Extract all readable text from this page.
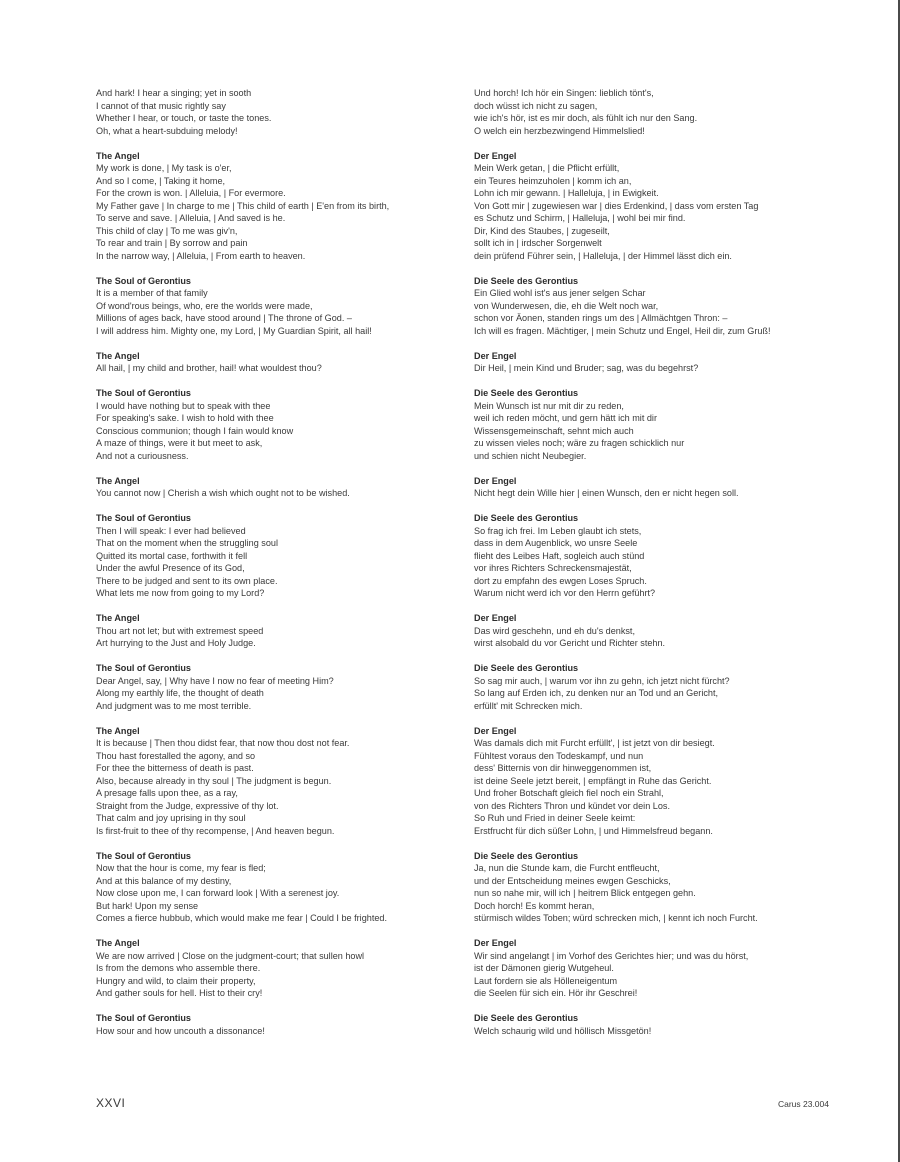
And hark! I hear a singing; yet in sooth
I cannot of that music rightly say
Whether I hear, or touch, or taste the tones.
Oh, what a heart-subduing melody!
The Angel
My work is done, | My task is o'er,
And so I come, | Taking it home,
For the crown is won. | Alleluia, | For evermore.
My Father gave | In charge to me | This child of earth | E'en from its birth,
To serve and save. | Alleluia, | And saved is he.
This child of clay | To me was giv'n,
To rear and train | By sorrow and pain
In the narrow way, | Alleluia, | From earth to heaven.
The Soul of Gerontius
It is a member of that family
Of wond'rous beings, who, ere the worlds were made,
Millions of ages back, have stood around | The throne of God. –
I will address him. Mighty one, my Lord, | My Guardian Spirit, all hail!
The Angel
All hail, | my child and brother, hail! what wouldest thou?
The Soul of Gerontius
I would have nothing but to speak with thee
For speaking's sake. I wish to hold with thee
Conscious communion; though I fain would know
A maze of things, were it but meet to ask,
And not a curiousness.
The Angel
You cannot now | Cherish a wish which ought not to be wished.
The Soul of Gerontius
Then I will speak: I ever had believed
That on the moment when the struggling soul
Quitted its mortal case, forthwith it fell
Under the awful Presence of its God,
There to be judged and sent to its own place.
What lets me now from going to my Lord?
The Angel
Thou art not let; but with extremest speed
Art hurrying to the Just and Holy Judge.
The Soul of Gerontius
Dear Angel, say, | Why have I now no fear of meeting Him?
Along my earthly life, the thought of death
And judgment was to me most terrible.
The Angel
It is because | Then thou didst fear, that now thou dost not fear.
Thou hast forestalled the agony, and so
For thee the bitterness of death is past.
Also, because already in thy soul | The judgment is begun.
A presage falls upon thee, as a ray,
Straight from the Judge, expressive of thy lot.
That calm and joy uprising in thy soul
Is first-fruit to thee of thy recompense, | And heaven begun.
The Soul of Gerontius
Now that the hour is come, my fear is fled;
And at this balance of my destiny,
Now close upon me, I can forward look | With a serenest joy.
But hark! Upon my sense
Comes a fierce hubbub, which would make me fear | Could I be frighted.
The Angel
We are now arrived | Close on the judgment-court; that sullen howl
Is from the demons who assemble there.
Hungry and wild, to claim their property,
And gather souls for hell. Hist to their cry!
The Soul of Gerontius
How sour and how uncouth a dissonance!
Und horch! Ich hör ein Singen: lieblich tönt's,
doch wüsst ich nicht zu sagen,
wie ich's hör, ist es mir doch, als fühlt ich nur den Sang.
O welch ein herzbezwingend Himmelslied!
Der Engel
Mein Werk getan, | die Pflicht erfüllt,
ein Teures heimzuholen | komm ich an,
Lohn ich mir gewann. | Halleluja, | in Ewigkeit.
Von Gott mir | zugewiesen war | dies Erdenkind, | dass vom ersten Tag
es Schutz und Schirm, | Halleluja, | wohl bei mir find.
Dir, Kind des Staubes, | zugeseilt,
sollt ich in | irdscher Sorgenwelt
dein prüfend Führer sein, | Halleluja, | der Himmel lässt dich ein.
Die Seele des Gerontius
Ein Glied wohl ist's aus jener selgen Schar
von Wunderwesen, die, eh die Welt noch war,
schon vor Äonen, standen rings um des | Allmächtgen Thron: –
Ich will es fragen. Mächtiger, | mein Schutz und Engel, Heil dir, zum Gruß!
Der Engel
Dir Heil, | mein Kind und Bruder; sag, was du begehrst?
Die Seele des Gerontius
Mein Wunsch ist nur mit dir zu reden,
weil ich reden möcht, und gern hätt ich mit dir
Wissensgemeinschaft, sehnt mich auch
zu wissen vieles noch; wäre zu fragen schicklich nur
und schien nicht Neubegier.
Der Engel
Nicht hegt dein Wille hier | einen Wunsch, den er nicht hegen soll.
Die Seele des Gerontius
So frag ich frei. Im Leben glaubt ich stets,
dass in dem Augenblick, wo unsre Seele
flieht des Leibes Haft, sogleich auch stünd
vor ihres Richters Schreckensmajestät,
dort zu empfahn des ewgen Loses Spruch.
Warum nicht werd ich vor den Herrn geführt?
Der Engel
Das wird geschehn, und eh du's denkst,
wirst alsobald du vor Gericht und Richter stehn.
Die Seele des Gerontius
So sag mir auch, | warum vor ihn zu gehn, ich jetzt nicht fürcht?
So lang auf Erden ich, zu denken nur an Tod und an Gericht,
erfüllt' mit Schrecken mich.
Der Engel
Was damals dich mit Furcht erfüllt', | ist jetzt von dir besiegt.
Fühltest voraus den Todeskampf, und nun
dess' Bitternis von dir hinweggenommen ist,
ist deine Seele jetzt bereit, | empfängt in Ruhe das Gericht.
Und froher Botschaft gleich fiel noch ein Strahl,
von des Richters Thron und kündet vor dein Los.
So Ruh und Fried in deiner Seele keimt:
Erstfrucht für dich süßer Lohn, | und Himmelsfreud begann.
Die Seele des Gerontius
Ja, nun die Stunde kam, die Furcht entfleucht,
und der Entscheidung meines ewgen Geschicks,
nun so nahe mir, will ich | heitrem Blick entgegen gehn.
Doch horch! Es kommt heran,
stürmisch wildes Toben; würd schrecken mich, | kennt ich noch Furcht.
Der Engel
Wir sind angelangt | im Vorhof des Gerichtes hier; und was du hörst,
ist der Dämonen gierig Wutgeheul.
Laut fordern sie als Hölleneigentum
die Seelen für sich ein. Hör ihr Geschrei!
Die Seele des Gerontius
Welch schaurig wild und höllisch Missgetön!
XXVI	Carus 23.004
